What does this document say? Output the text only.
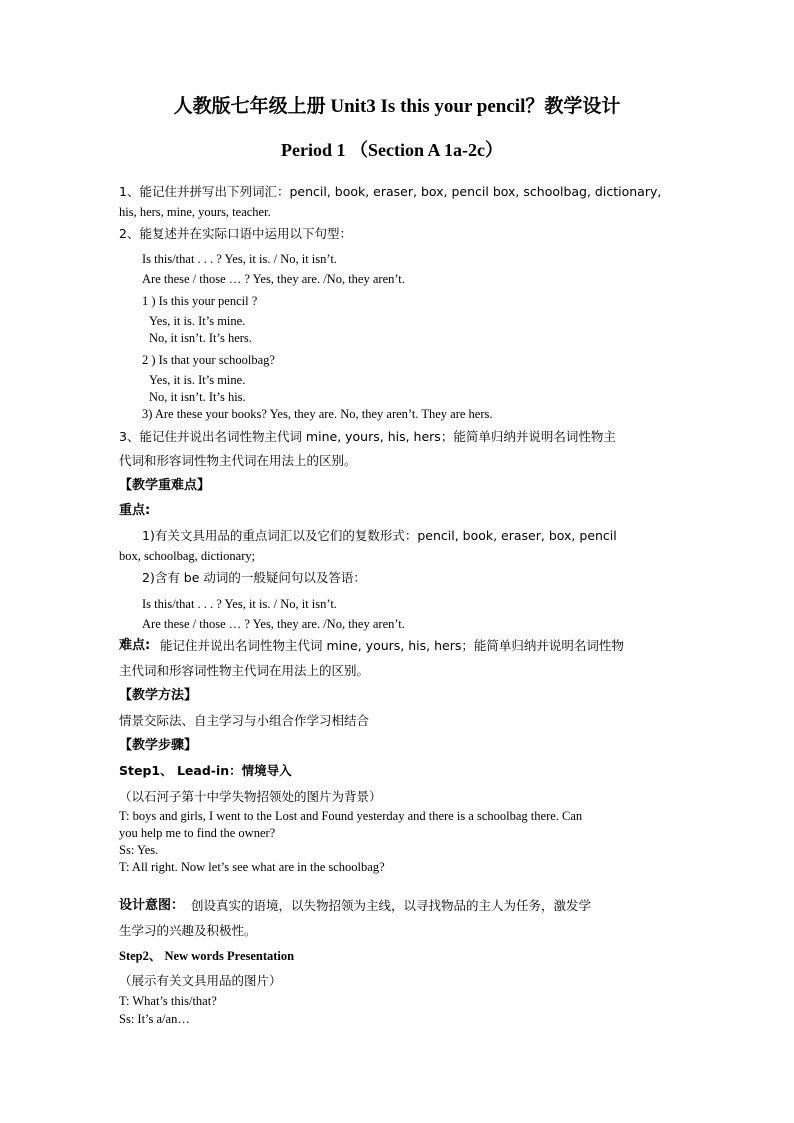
人教版七年级上册 Unit3 Is this your pencil？教学设计
Period 1 （Section A 1a-2c）
1、能记住并拼写出下列词汇：pencil, book, eraser, box, pencil box, schoolbag, dictionary,
his, hers, mine, yours, teacher.
2、能复述并在实际口语中运用以下句型：
Is this/that . . . ? Yes, it is. / No, it isn’t.
Are these / those … ? Yes, they are. /No, they aren’t.
1 ) Is this your pencil ?
Yes, it is. It’s mine.
No, it isn’t. It’s hers.
2 ) Is that your schoolbag?
Yes, it is. It’s mine.
No, it isn’t. It’s his.
3) Are these your books? Yes, they are. No, they aren’t. They are hers.
3、能记住并说出名词性物主代词 mine, yours, his, hers；能简单归纳并说明名词性物主
代词和形容词性物主代词在用法上的区别。
【教学重难点】
重点:
1)有关文具用品的重点词汇以及它们的复数形式：pencil, book, eraser, box, pencil
box, schoolbag, dictionary;
2)含有 be 动词的一般疑问句以及答语：
Is this/that . . . ? Yes, it is. / No, it isn’t.
Are these / those … ? Yes, they are. /No, they aren’t.
难点: 能记住并说出名词性物主代词 mine, yours, his, hers；能简单归纳并说明名词性物
主代词和形容词性物主代词在用法上的区别。
【教学方法】
情景交际法、自主学习与小组合作学习相结合
【教学步骤】
Step1、 Lead-in：情境导入
（以石河子第十中学失物招领处的图片为背景）
T: boys and girls, I went to the Lost and Found yesterday and there is a schoolbag there. Can
you help me to find the owner?
Ss: Yes.
T: All right. Now let’s see what are in the schoolbag?
设计意图： 创设真实的语境，以失物招领为主线，以寻找物品的主人为任务，激发学
生学习的兴趣及积极性。
Step2、 New words Presentation
（展示有关文具用品的图片）
T: What’s this/that?
Ss: It’s a/an…
